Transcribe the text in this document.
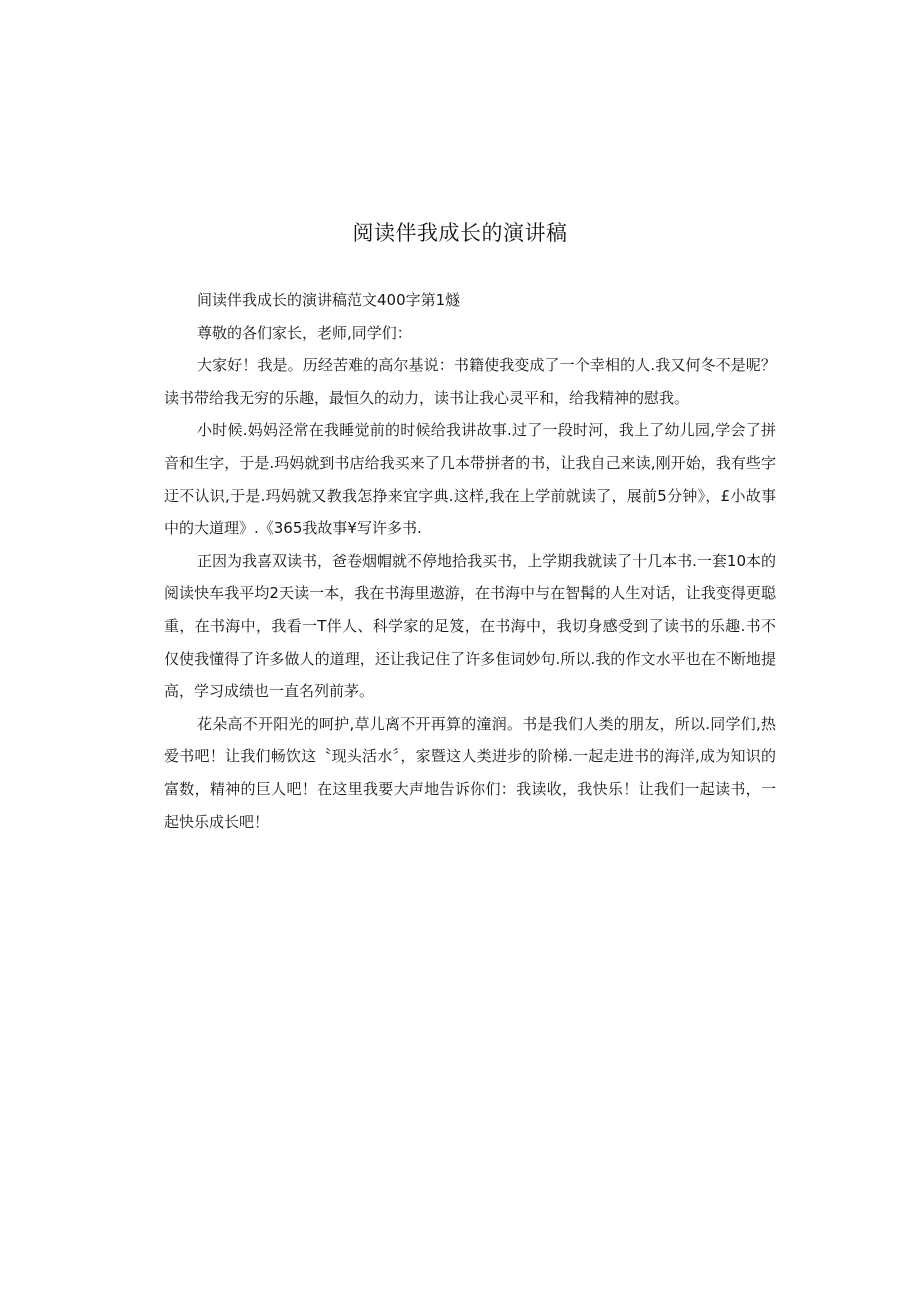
阅读伴我成长的演讲稿

间读伴我成长的演讲稿范文400字第1燧

尊敬的各们家长，老师,同学们：

大家好！我是。历经苦难的高尔基说：书籍使我变成了一个幸相的人.我又何冬不是呢？读书带给我无穷的乐趣，最恒久的动力，读书让我心灵平和，给我精神的慰我。

小时候.妈妈泾常在我睡觉前的时候给我讲故事.过了一段时河，我上了幼儿园,学会了拼音和生字，于是.玛妈就到书店给我买来了几本带拼者的书，让我自己来读,刚开始，我有些字迂不认识,于是.玛妈就又教我怎挣来宜字典.这样,我在上学前就读了，展前5分钟》，£小故事中的大道理》.《365我故事¥写许多书.

正因为我喜双读书，爸卷烟帽就不停地拾我买书，上学期我就读了十几本书.一套10本的阅读快车我平均2天读一本，我在书海里遨游，在书海中与在智髯的人生对话，让我变得更聪重，在书海中，我看一T伴人、科学家的足笈，在书海中，我切身感受到了读书的乐趣.书不仅使我懂得了许多做人的道理，还让我记住了许多隹词妙句.所以.我的作文水平也在不断地提高，学习成绩也一直名列前茅。

花朵高不开阳光的呵护,草儿离不开再算的潼润。书是我们人类的朋友，所以.同学们,热爱书吧！让我们畅饮这〝现头活水〞，家暨这人类进步的阶梯.一起走进书的海洋,成为知识的富数，精神的巨人吧！在这里我要大声地告诉你们：我读收，我快乐！让我们一起读书，一起快乐成长吧！
